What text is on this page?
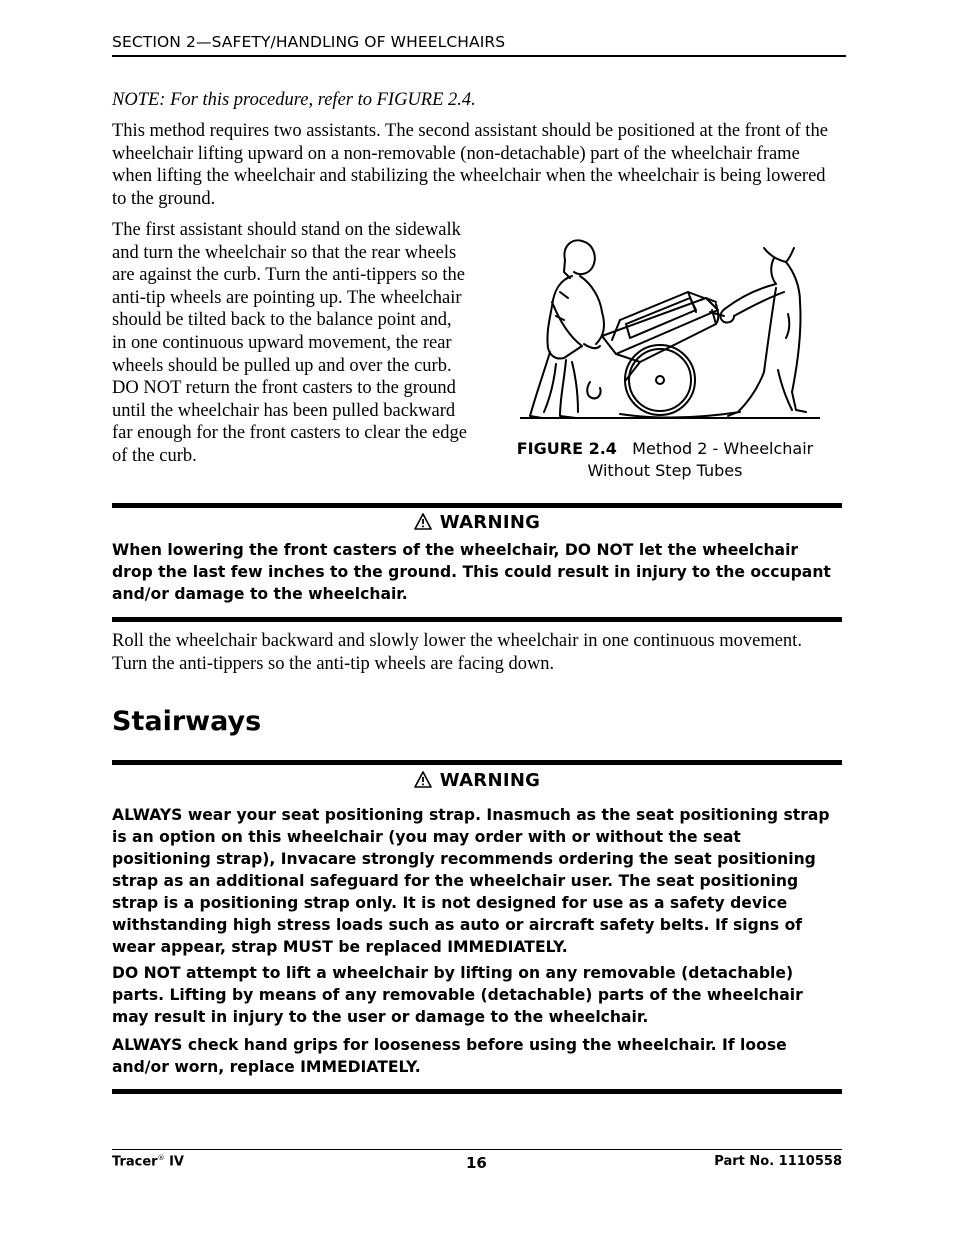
SECTION 2—SAFETY/HANDLING OF WHEELCHAIRS
NOTE: For this procedure, refer to FIGURE 2.4.
This method requires two assistants. The second assistant should be positioned at the front of the wheelchair lifting upward on a non-removable (non-detachable) part of the wheelchair frame when lifting the wheelchair and stabilizing the wheelchair when the wheelchair is being lowered to the ground.
The first assistant should stand on the sidewalk and turn the wheelchair so that the rear wheels are against the curb. Turn the anti-tippers so the anti-tip wheels are pointing up. The wheelchair should be tilted back to the balance point and, in one continuous upward movement, the rear wheels should be pulled up and over the curb. DO NOT return the front casters to the ground until the wheelchair has been pulled backward far enough for the front casters to clear the edge of the curb.	FIGURE 2.4 Method 2 - Wheelchair
Without Step Tubes
WARNING
When lowering the front casters of the wheelchair, DO NOT let the wheelchair drop the last few inches to the ground. This could result in injury to the occupant and/or damage to the wheelchair.
Roll the wheelchair backward and slowly lower the wheelchair in one continuous movement. Turn the anti-tippers so the anti-tip wheels are facing down.
Stairways
WARNING
ALWAYS wear your seat positioning strap. Inasmuch as the seat positioning strap is an option on this wheelchair (you may order with or without the seat positioning strap), Invacare strongly recommends ordering the seat positioning strap as an additional safeguard for the wheelchair user. The seat positioning strap is a positioning strap only. It is not designed for use as a safety device withstanding high stress loads such as auto or aircraft safety belts. If signs of wear appear, strap MUST be replaced IMMEDIATELY.
DO NOT attempt to lift a wheelchair by lifting on any removable (detachable) parts. Lifting by means of any removable (detachable) parts of the wheelchair may result in injury to the user or damage to the wheelchair.
ALWAYS check hand grips for looseness before using the wheelchair. If loose and/or worn, replace IMMEDIATELY.
Tracer® IV	16	Part No. 1110558
